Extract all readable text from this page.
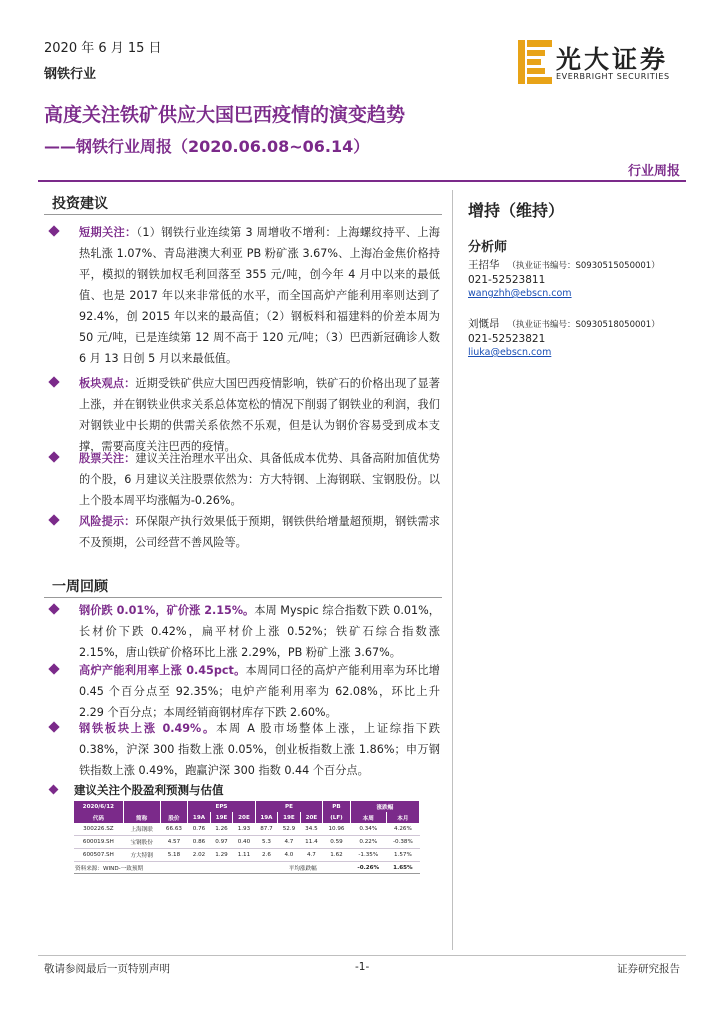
2020 年 6 月 15 日
钢铁行业
光大证券
EVERBRIGHT SECURITIES
高度关注铁矿供应大国巴西疫情的演变趋势
——钢铁行业周报（2020.06.08~06.14）
行业周报
投资建议
短期关注：（1）钢铁行业连续第 3 周增收不增利：上海螺纹持平、上海热轧涨 1.07%、青岛港澳大利亚 PB 粉矿涨 3.67%、上海冶金焦价格持平，模拟的钢铁加权毛利回落至 355 元/吨，创今年 4 月中以来的最低值、也是 2017 年以来非常低的水平，而全国高炉产能利用率则达到了 92.4%，创 2015 年以来的最高值；（2）钢板料和福建料的价差本周为 50 元/吨，已是连续第 12 周不高于 120 元/吨；（3）巴西新冠确诊人数 6 月 13 日创 5 月以来最低值。
板块观点：近期受铁矿供应大国巴西疫情影响，铁矿石的价格出现了显著上涨，并在钢铁业供求关系总体宽松的情况下削弱了钢铁业的利润，我们对钢铁业中长期的供需关系依然不乐观，但是认为钢价容易受到成本支撑，需要高度关注巴西的疫情。
股票关注：建议关注治理水平出众、具备低成本优势、具备高附加值优势的个股，6 月建议关注股票依然为：方大特钢、上海钢联、宝钢股份。以上个股本周平均涨幅为-0.26%。
风险提示：环保限产执行效果低于预期，钢铁供给增量超预期，钢铁需求不及预期，公司经营不善风险等。
一周回顾
钢价跌 0.01%，矿价涨 2.15%。本周 Myspic 综合指数下跌 0.01%，长材价下跌 0.42%，扁平材价上涨 0.52%；铁矿石综合指数涨 2.15%，唐山铁矿价格环比上涨 2.29%，PB 粉矿上涨 3.67%。
高炉产能利用率上涨 0.45pct。本周同口径的高炉产能利用率为环比增 0.45 个百分点至 92.35%；电炉产能利用率为 62.08%，环比上升 2.29 个百分点；本周经销商钢材库存下跌 2.60%。
钢铁板块上涨 0.49%。本周 A 股市场整体上涨，上证综指下跌 0.38%，沪深 300 指数上涨 0.05%，创业板指数上涨 1.86%；申万钢铁指数上涨 0.49%，跑赢沪深 300 指数 0.44 个百分点。
增持（维持）
分析师
王招华 （执业证书编号：S0930515050001）
021-52523811
wangzhh@ebscn.com
刘慨昂 （执业证书编号：S0930518050001）
021-52523821
liuka@ebscn.com
建议关注个股盈利预测与估值
2020/6/12			EPS			PE			PB	涨跌幅	
代码	简称	股价	19A	19E	20E	19A	19E	20E	(LF)	本周	本月
300226.SZ	上海钢联	66.63	0.76	1.26	1.93	87.7	52.9	34.5	10.96	0.34%	4.26%
600019.SH	宝钢股份	4.57	0.86	0.97	0.40	5.3	4.7	11.4	0.59	0.22%	-0.38%
600507.SH	方大特钢	5.18	2.02	1.29	1.11	2.6	4.0	4.7	1.62	-1.35%	1.57%
资料来源：WIND-一致预期						平均涨跌幅				-0.26%	1.65%
敬请参阅最后一页特别声明	-1-	证券研究报告
